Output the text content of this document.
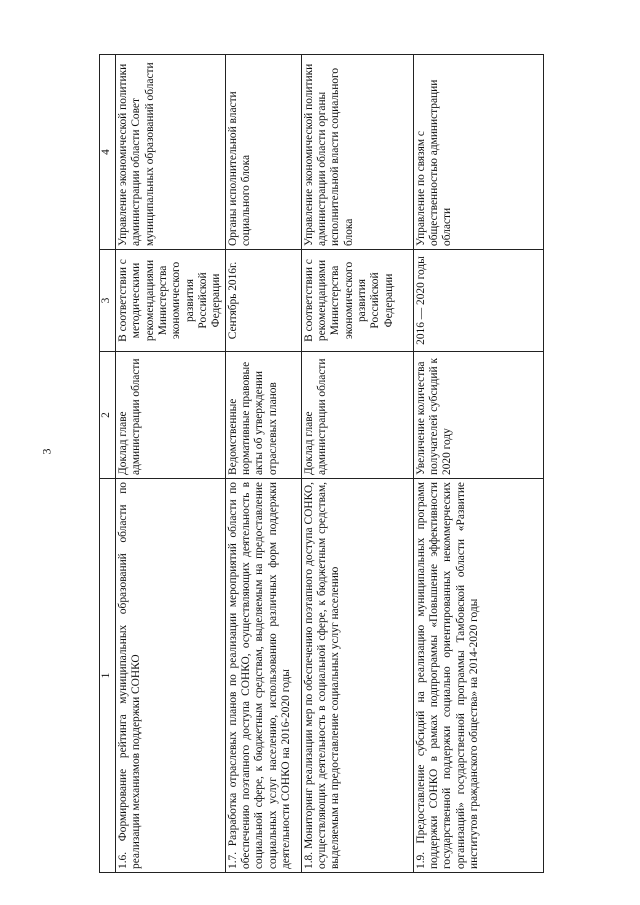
3
1	2	3	4
1.6. Формирование рейтинга муниципальных образований области по реализации механизмов поддержки СОНКО	Доклад главе администрации области	В соответствии с методическими рекомендациями Министерства экономического развития Российской Федерации	Управление экономической политики администрации области Совет муниципальных образований области
1.7. Разработка отраслевых планов по реализации мероприятий области по обеспечению поэтапного доступа СОНКО, осуществляющих деятельность в социальной сфере, к бюджетным средствам, выделяемым на предоставление социальных услуг населению, использованию различных форм поддержки деятельности СОНКО на 2016-2020 годы	Ведомственные нормативные правовые акты об утверждении отраслевых планов	Сентябрь 2016г.	Органы исполнительной власти социального блока
1.8. Мониторинг реализации мер по обеспечению поэтапного доступа СОНКО, осуществляющих деятельность в социальной сфере, к бюджетным средствам, выделяемым на предоставление социальных услуг населению	Доклад главе администрации области	В соответствии с рекомендациями Министерства экономического развития Российской Федерации	Управление экономической политики администрации области органы исполнительной власти социального блока
1.9. Предоставление субсидий на реализацию муниципальных программ поддержки СОНКО в рамках подпрограммы «Повышение эффективности государственной поддержки социально ориентированных некоммерческих организаций» государственной программы Тамбовской области «Развитие институтов гражданского общества» на 2014-2020 годы	Увеличение количества получателей субсидий к 2020 году	2016 — 2020 годы	Управление по связям с общественностью администрации области
